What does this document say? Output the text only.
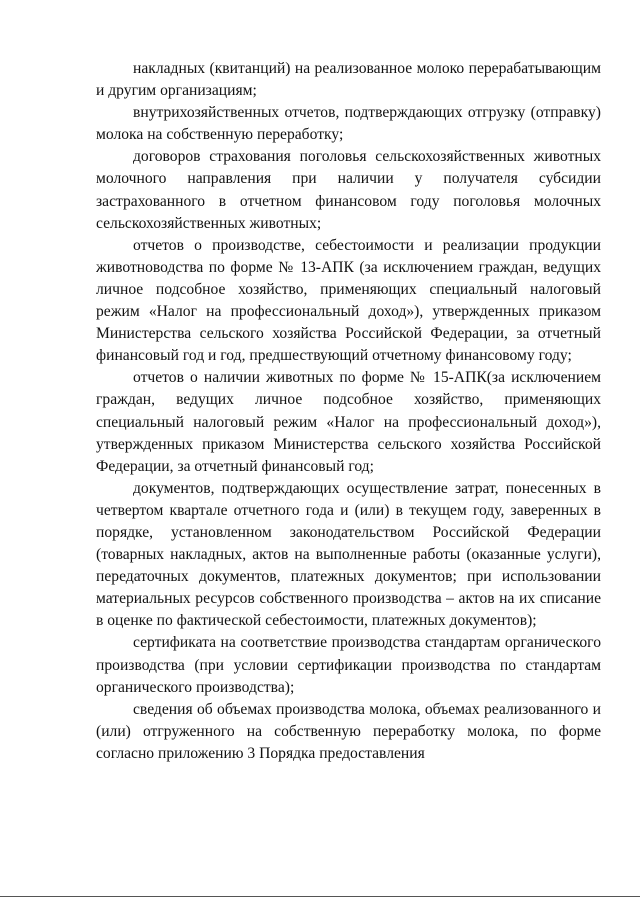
накладных (квитанций) на реализованное молоко перерабатывающим и другим организациям;

внутрихозяйственных отчетов, подтверждающих отгрузку (отправку) молока на собственную переработку;

договоров страхования поголовья сельскохозяйственных животных молочного направления при наличии у получателя субсидии застрахованного в отчетном финансовом году поголовья молочных сельскохозяйственных животных;

отчетов о производстве, себестоимости и реализации продукции животноводства по форме № 13-АПК (за исключением граждан, ведущих личное подсобное хозяйство, применяющих специальный налоговый режим «Налог на профессиональный доход»), утвержденных приказом Министерства сельского хозяйства Российской Федерации, за отчетный финансовый год и год, предшествующий отчетному финансовому году;

отчетов о наличии животных по форме № 15-АПК(за исключением граждан, ведущих личное подсобное хозяйство, применяющих специальный налоговый режим «Налог на профессиональный доход»), утвержденных приказом Министерства сельского хозяйства Российской Федерации, за отчетный финансовый год;

документов, подтверждающих осуществление затрат, понесенных в четвертом квартале отчетного года и (или) в текущем году, заверенных в порядке, установленном законодательством Российской Федерации (товарных накладных, актов на выполненные работы (оказанные услуги), передаточных документов, платежных документов; при использовании материальных ресурсов собственного производства – актов на их списание в оценке по фактической себестоимости, платежных документов);

сертификата на соответствие производства стандартам органического производства (при условии сертификации производства по стандартам органического производства);

сведения об объемах производства молока, объемах реализованного и (или) отгруженного на собственную переработку молока, по форме согласно приложению 3 Порядка предоставления
